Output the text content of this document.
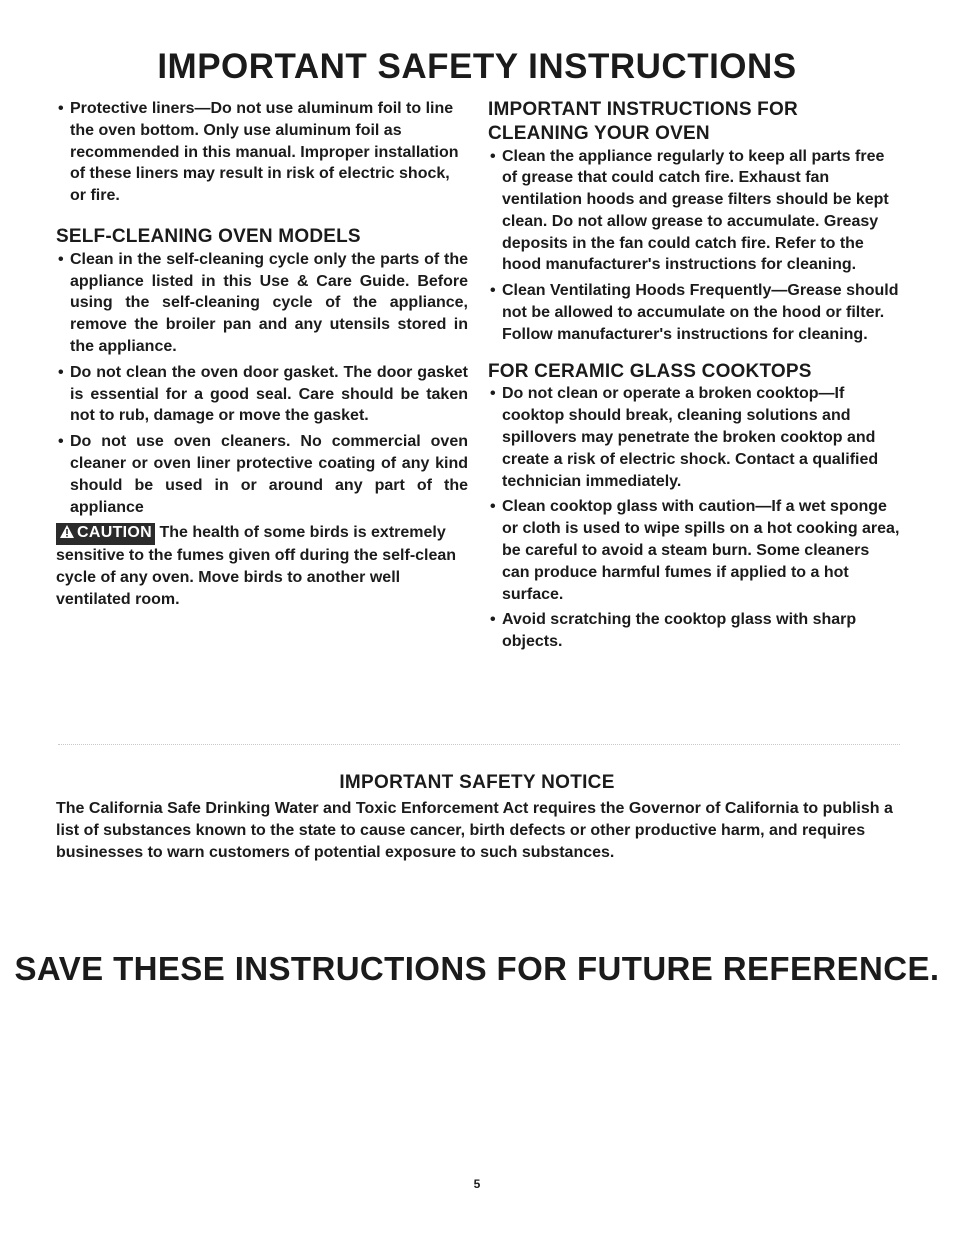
IMPORTANT SAFETY INSTRUCTIONS

• Protective liners—Do not use aluminum foil to line the oven bottom. Only use aluminum foil as recommended in this manual. Improper installation of these liners may result in risk of electric shock, or fire.

SELF-CLEANING OVEN MODELS

• Clean in the self-cleaning cycle only the parts of the appliance listed in this Use & Care Guide. Before using the self-cleaning cycle of the appliance, remove the broiler pan and any utensils stored in the appliance.

• Do not clean the oven door gasket. The door gasket is essential for a good seal. Care should be taken not to rub, damage or move the gasket.

• Do not use oven cleaners. No commercial oven cleaner or oven liner protective coating of any kind should be used in or around any part of the appliance

CAUTION The health of some birds is extremely sensitive to the fumes given off during the self-clean cycle of any oven. Move birds to another well ventilated room.

IMPORTANT INSTRUCTIONS FOR
CLEANING YOUR OVEN

• Clean the appliance regularly to keep all parts free of grease that could catch fire. Exhaust fan ventilation hoods and grease filters should be kept clean. Do not allow grease to accumulate. Greasy deposits in the fan could catch fire. Refer to the hood manufacturer's instructions for cleaning.

• Clean Ventilating Hoods Frequently—Grease should not be allowed to accumulate on the hood or filter. Follow manufacturer's instructions for cleaning.

FOR CERAMIC GLASS COOKTOPS

• Do not clean or operate a broken cooktop—If cooktop should break, cleaning solutions and spillovers may penetrate the broken cooktop and create a risk of electric shock. Contact a qualified technician immediately.

• Clean cooktop glass with caution—If a wet sponge or cloth is used to wipe spills on a hot cooking area, be careful to avoid a steam burn. Some cleaners can produce harmful fumes if applied to a hot surface.

• Avoid scratching the cooktop glass with sharp objects.

IMPORTANT SAFETY NOTICE

The California Safe Drinking Water and Toxic Enforcement Act requires the Governor of California to publish a list of substances known to the state to cause cancer, birth defects or other productive harm, and requires businesses to warn customers of potential exposure to such substances.

SAVE THESE INSTRUCTIONS FOR FUTURE REFERENCE.
5
